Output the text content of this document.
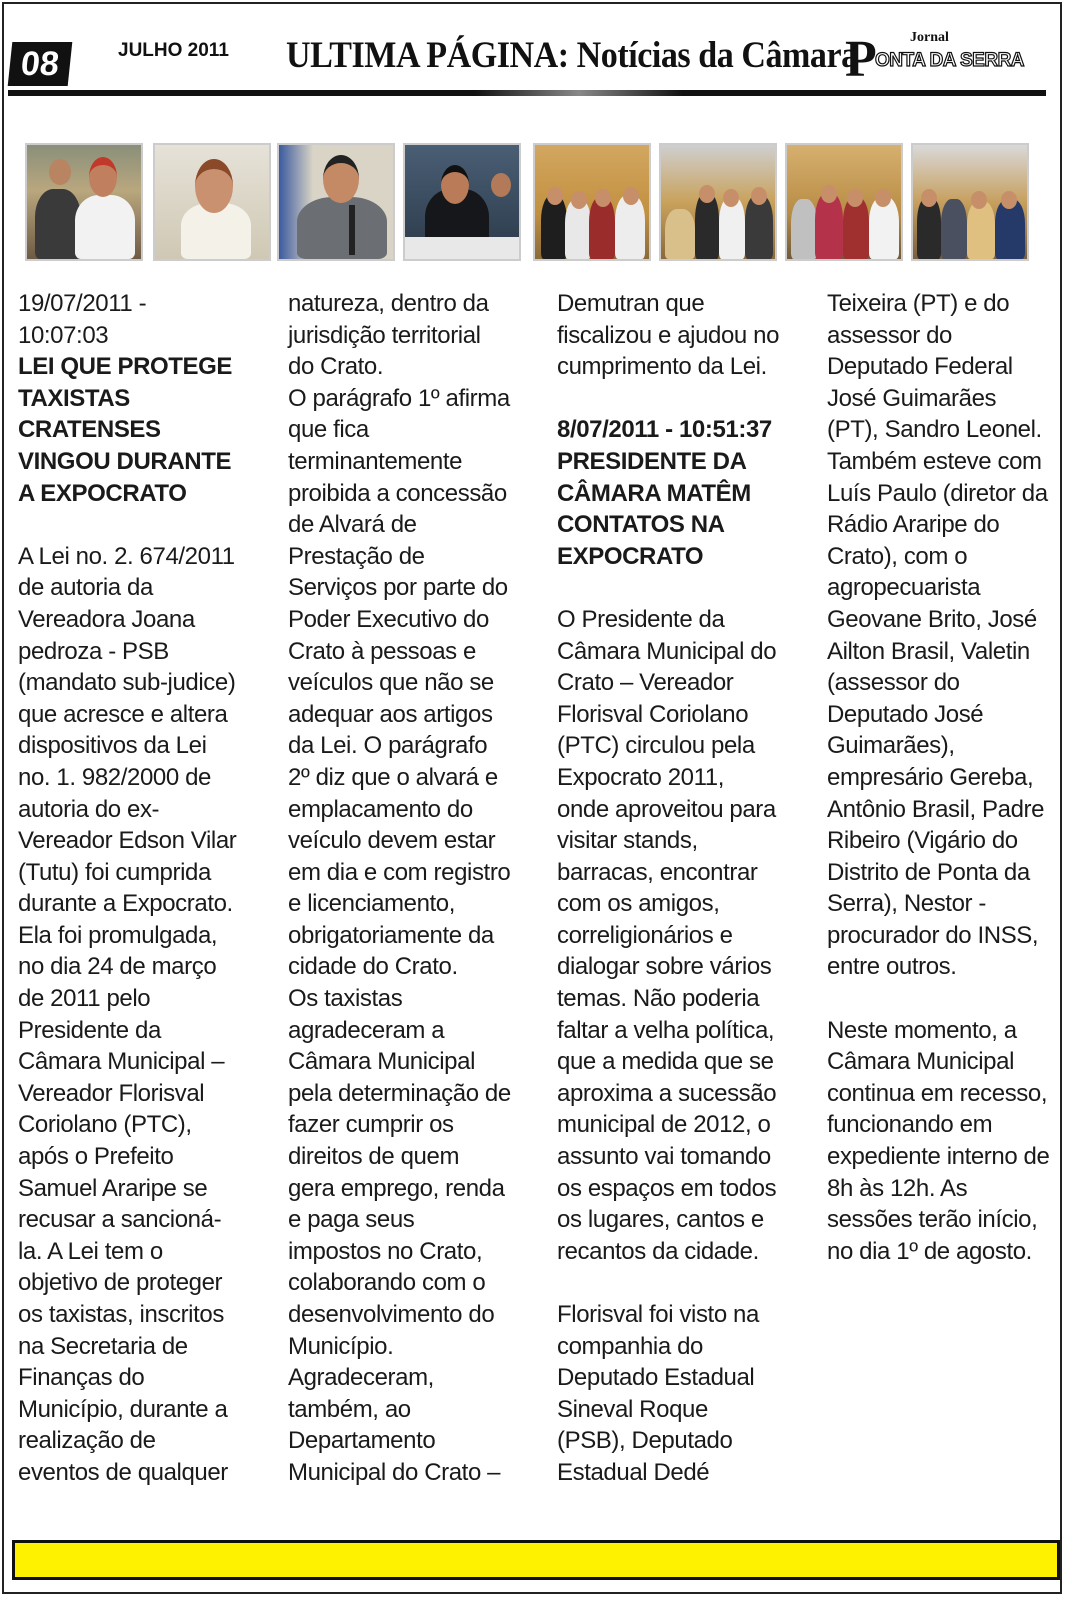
08	JULHO 2011 ULTIMA PÁGINA: Notícias da Câmara	Jornal
P
ONTA DA SERRA

19/07/2011 -

10:07:03

LEI QUE PROTEGE

TAXISTAS

CRATENSES

VINGOU DURANTE

A EXPOCRATO

A Lei no. 2. 674/2011

de autoria da

Vereadora Joana

pedroza - PSB

(mandato sub-judice)

que acresce e altera

dispositivos da Lei

no. 1. 982/2000 de

autoria do ex-

Vereador Edson Vilar

(Tutu) foi cumprida

durante a Expocrato.

Ela foi promulgada,

no dia 24 de março

de 2011 pelo

Presidente da

Câmara Municipal –

Vereador Florisval

Coriolano (PTC),

após o Prefeito

Samuel Araripe se

recusar a sancioná-

la. A Lei tem o

objetivo de proteger

os taxistas, inscritos

na Secretaria de

Finanças do

Município, durante a

realização de

eventos de qualquer

natureza, dentro da

jurisdição territorial

do Crato.

O parágrafo 1º afirma

que fica

terminantemente

proibida a concessão

de Alvará de

Prestação de

Serviços por parte do

Poder Executivo do

Crato à pessoas e

veículos que não se

adequar aos artigos

da Lei. O parágrafo

2º diz que o alvará e

emplacamento do

veículo devem estar

em dia e com registro

e licenciamento,

obrigatoriamente da

cidade do Crato.

Os taxistas

agradeceram a

Câmara Municipal

pela determinação de

fazer cumprir os

direitos de quem

gera emprego, renda

e paga seus

impostos no Crato,

colaborando com o

desenvolvimento do

Município.

Agradeceram,

também, ao

Departamento

Municipal do Crato –

Demutran que

fiscalizou e ajudou no

cumprimento da Lei.

8/07/2011 - 10:51:37

PRESIDENTE DA

CÂMARA MATÊM

CONTATOS NA

EXPOCRATO

O Presidente da

Câmara Municipal do

Crato – Vereador

Florisval Coriolano

(PTC) circulou pela

Expocrato 2011,

onde aproveitou para

visitar stands,

barracas, encontrar

com os amigos,

correligionários e

dialogar sobre vários

temas. Não poderia

faltar a velha política,

que a medida que se

aproxima a sucessão

municipal de 2012, o

assunto vai tomando

os espaços em todos

os lugares, cantos e

recantos da cidade.

Florisval foi visto na

companhia do

Deputado Estadual

Sineval Roque

(PSB), Deputado

Estadual Dedé

Teixeira (PT) e do

assessor do

Deputado Federal

José Guimarães

(PT), Sandro Leonel.

Também esteve com

Luís Paulo (diretor da

Rádio Araripe do

Crato), com o

agropecuarista

Geovane Brito, José

Ailton Brasil, Valetin

(assessor do

Deputado José

Guimarães),

empresário Gereba,

Antônio Brasil, Padre

Ribeiro (Vigário do

Distrito de Ponta da

Serra), Nestor -

procurador do INSS,

entre outros.

Neste momento, a

Câmara Municipal

continua em recesso,

funcionando em

expediente interno de

8h às 12h. As

sessões terão início,

no dia 1º de agosto.
